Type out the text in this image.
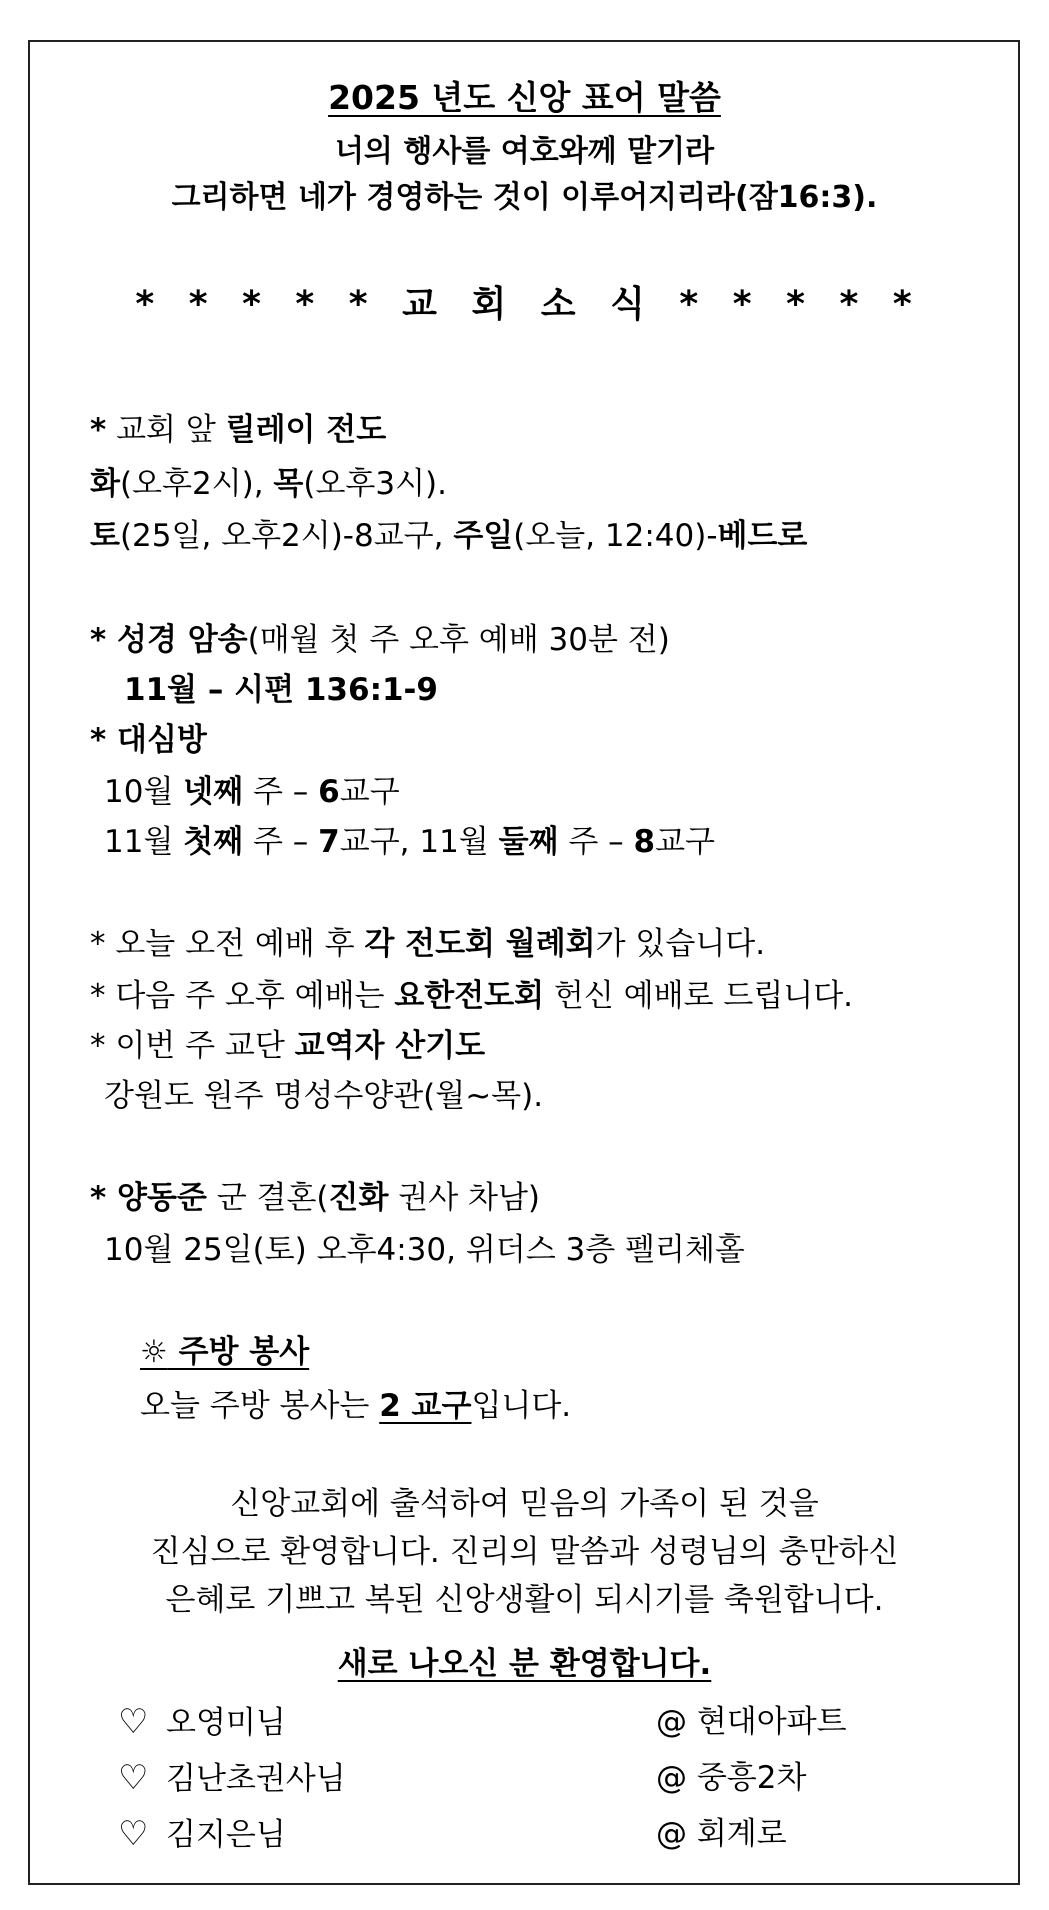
2025 년도 신앙 표어 말씀
너의 행사를 여호와께 맡기라
그리하면 네가 경영하는 것이 이루어지리라(잠16:3).
* * * * * 교 회 소 식 * * * * *
* 교회 앞 릴레이 전도
화(오후2시), 목(오후3시).
토(25일, 오후2시)-8교구, 주일(오늘, 12:40)-베드로
* 성경 암송(매월 첫 주 오후 예배 30분 전)
11월 – 시편 136:1-9
* 대심방
10월 넷째 주 – 6교구
11월 첫째 주 – 7교구, 11월 둘째 주 – 8교구
* 오늘 오전 예배 후 각 전도회 월례회가 있습니다.
* 다음 주 오후 예배는 요한전도회 헌신 예배로 드립니다.
* 이번 주 교단 교역자 산기도
강원도 원주 명성수양관(월~목).
* 양동준 군 결혼(진화 권사 차남)
10월 25일(토) 오후4:30, 위더스 3층 펠리체홀
☼ 주방 봉사
오늘 주방 봉사는 2 교구입니다.
신앙교회에 출석하여 믿음의 가족이 된 것을
진심으로 환영합니다. 진리의 말씀과 성령님의 충만하신
은혜로 기쁘고 복된 신앙생활이 되시기를 축원합니다.
새로 나오신 분 환영합니다.
♡ 오영미님	@ 현대아파트
♡ 김난초권사님	@ 중흥2차
♡ 김지은님	@ 회계로
